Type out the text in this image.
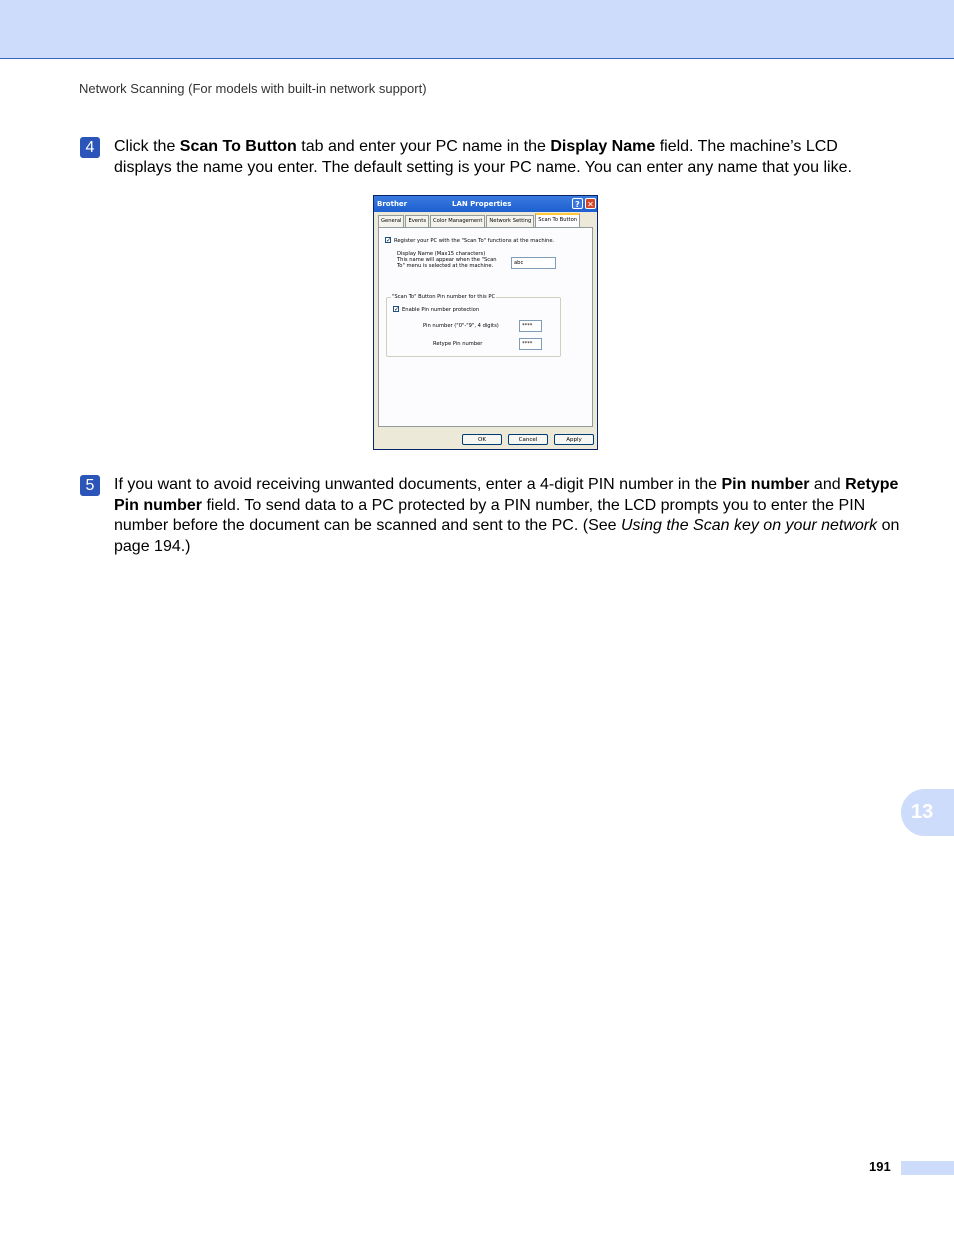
Network Scanning (For models with built-in network support)
4	Click the Scan To Button tab and enter your PC name in the Display Name field. The machine’s LCD displays the name you enter. The default setting is your PC name. You can enter any name that you like.
Brother	LAN Properties	? ✕
General	Events	Color Management	Network Setting	Scan To Button
✓ Register your PC with the "Scan To" functions at the machine.
Display Name (Max15 characters)
This name will appear when the "Scan
To" menu is selected at the machine.	abc
"Scan To" Button Pin number for this PC
✓ Enable Pin number protection
Pin number ("0"-"9", 4 digits)	****
Retype Pin number	****
OK	Cancel	Apply
5	If you want to avoid receiving unwanted documents, enter a 4-digit PIN number in the Pin number and Retype Pin number field. To send data to a PC protected by a PIN number, the LCD prompts you to enter the PIN number before the document can be scanned and sent to the PC. (See Using the Scan key on your network on page 194.)
13
191
